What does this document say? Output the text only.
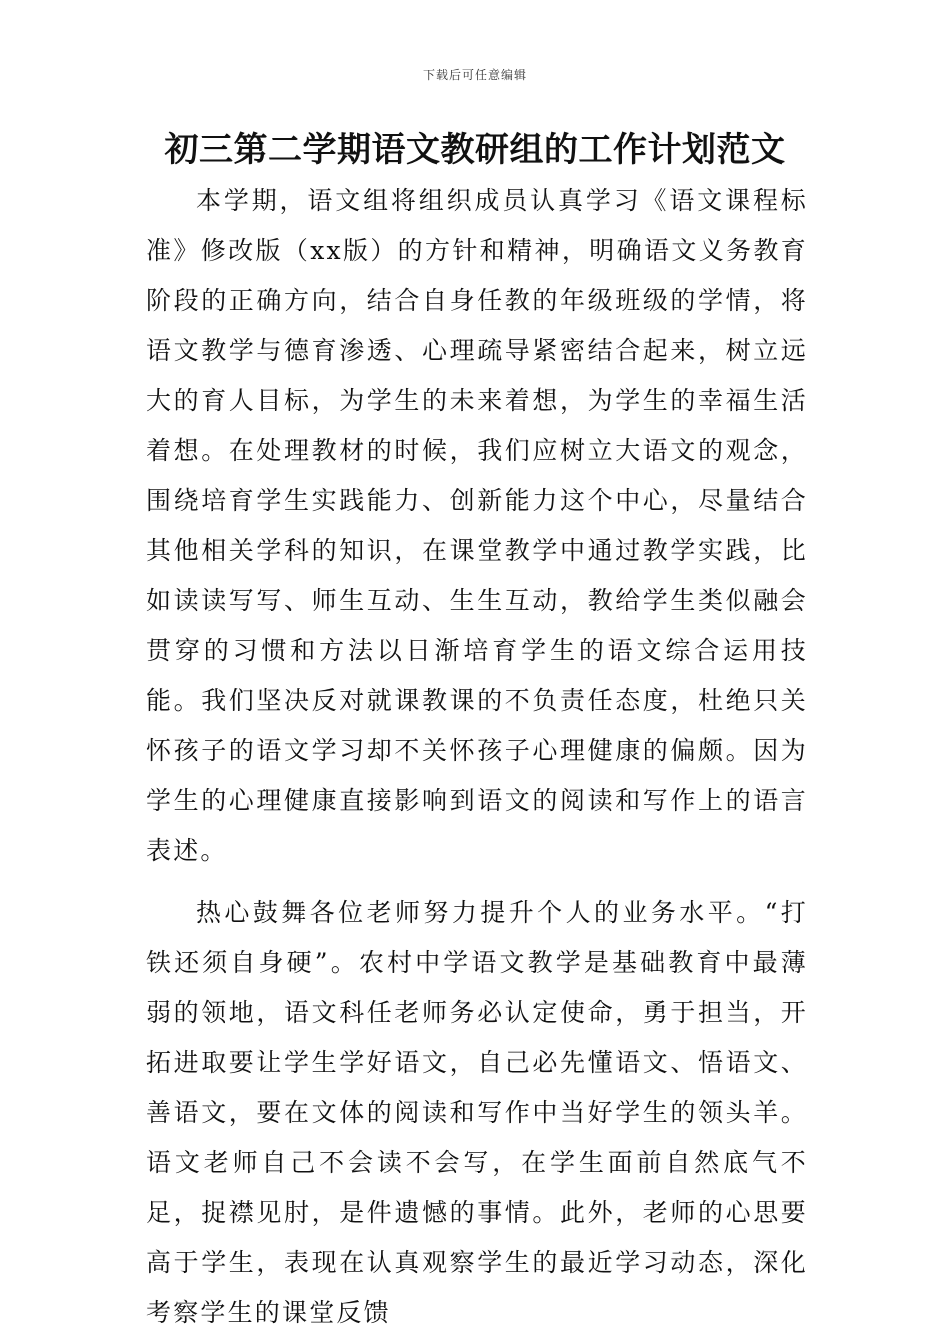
下载后可任意编辑
初三第二学期语文教研组的工作计划范文

本学期，语文组将组织成员认真学习《语文课程标准》修改版（xx版）的方针和精神，明确语文义务教育阶段的正确方向，结合自身任教的年级班级的学情，将语文教学与德育渗透、心理疏导紧密结合起来，树立远大的育人目标，为学生的未来着想，为学生的幸福生活着想。在处理教材的时候，我们应树立大语文的观念，围绕培育学生实践能力、创新能力这个中心，尽量结合其他相关学科的知识，在课堂教学中通过教学实践，比如读读写写、师生互动、生生互动，教给学生类似融会贯穿的习惯和方法以日渐培育学生的语文综合运用技能。我们坚决反对就课教课的不负责任态度，杜绝只关怀孩子的语文学习却不关怀孩子心理健康的偏颇。因为学生的心理健康直接影响到语文的阅读和写作上的语言表述。

热心鼓舞各位老师努力提升个人的业务水平。“打铁还须自身硬”。农村中学语文教学是基础教育中最薄弱的领地，语文科任老师务必认定使命，勇于担当，开拓进取要让学生学好语文，自己必先懂语文、悟语文、善语文，要在文体的阅读和写作中当好学生的领头羊。语文老师自己不会读不会写，在学生面前自然底气不足，捉襟见肘，是件遗憾的事情。此外，老师的心思要高于学生，表现在认真观察学生的最近学习动态，深化考察学生的课堂反馈
